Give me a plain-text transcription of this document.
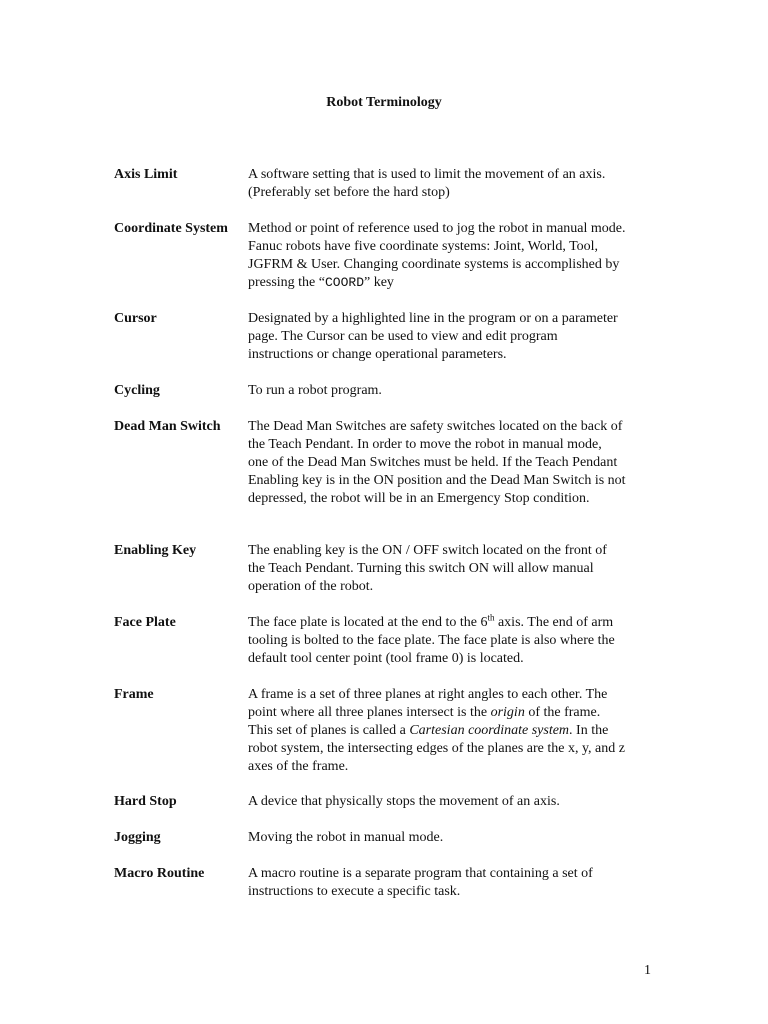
Robot Terminology
Axis Limit	A software setting that is used to limit the movement of an axis.
(Preferably set before the hard stop)
Coordinate System	Method or point of reference used to jog the robot in manual mode.
Fanuc robots have five coordinate systems: Joint, World, Tool,
JGFRM & User. Changing coordinate systems is accomplished by
pressing the “COORD” key
Cursor	Designated by a highlighted line in the program or on a parameter
page. The Cursor can be used to view and edit program
instructions or change operational parameters.
Cycling	To run a robot program.
Dead Man Switch	The Dead Man Switches are safety switches located on the back of
the Teach Pendant. In order to move the robot in manual mode,
one of the Dead Man Switches must be held. If the Teach Pendant
Enabling key is in the ON position and the Dead Man Switch is not
depressed, the robot will be in an Emergency Stop condition.
Enabling Key	The enabling key is the ON / OFF switch located on the front of
the Teach Pendant. Turning this switch ON will allow manual
operation of the robot.
Face Plate	The face plate is located at the end to the 6th axis. The end of arm
tooling is bolted to the face plate. The face plate is also where the
default tool center point (tool frame 0) is located.
Frame	A frame is a set of three planes at right angles to each other. The
point where all three planes intersect is the origin of the frame.
This set of planes is called a Cartesian coordinate system. In the
robot system, the intersecting edges of the planes are the x, y, and z
axes of the frame.
Hard Stop	A device that physically stops the movement of an axis.
Jogging	Moving the robot in manual mode.
Macro Routine	A macro routine is a separate program that containing a set of
instructions to execute a specific task.
1
